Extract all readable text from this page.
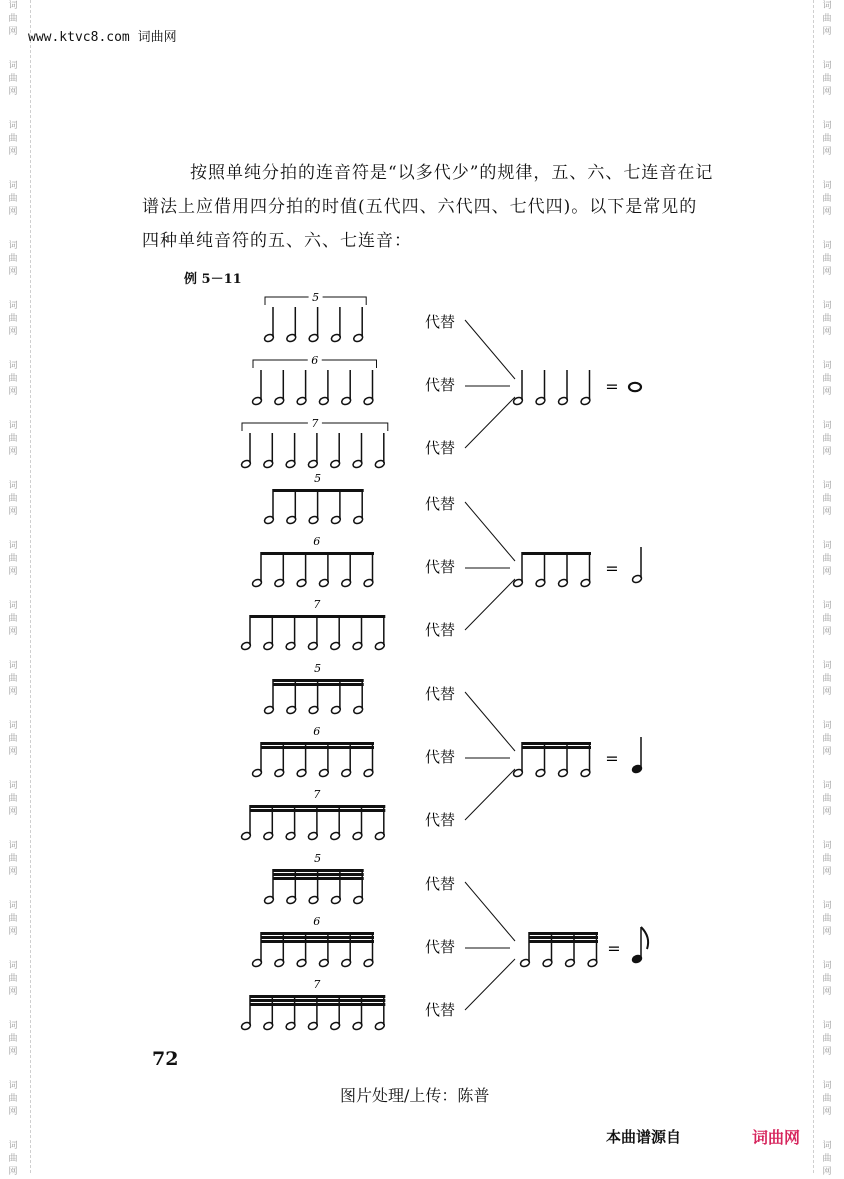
词
曲
网
词
曲
网
词
曲
网
词
曲
网
词
曲
网
词
曲
网
词
曲
网
词
曲
网
词
曲
网
词
曲
网
词
曲
网
词
曲
网
词
曲
网
词
曲
网
词
曲
网
词
曲
网
词
曲
网
词
曲
网
词
曲
网
词
曲
网
词
曲
网
词
曲
网
词
曲
网
词
曲
网
词
曲
网
词
曲
网
词
曲
网
词
曲
网
词
曲
网
词
曲
网
词
曲
网
词
曲
网
词
曲
网
词
曲
网
词
曲
网
词
曲
网
词
曲
网
词
曲
网
词
曲
网
词
曲
网
www.ktvc8.com 词曲网

按照单纯分拍的连音符是“以多代少”的规律，五、六、七连音在记

谱法上应借用四分拍的时值(五代四、六代四、七代四)。以下是常见的

四种单纯音符的五、六、七连音：

例 5－11
5
代替
6
代替
7
代替
=
5
代替
6
代替
7
代替
=
5
代替
6
代替
7
代替
=
5
代替
6
代替
7
代替
=
72
图片处理/上传：陈普
本曲谱源自	词曲网
